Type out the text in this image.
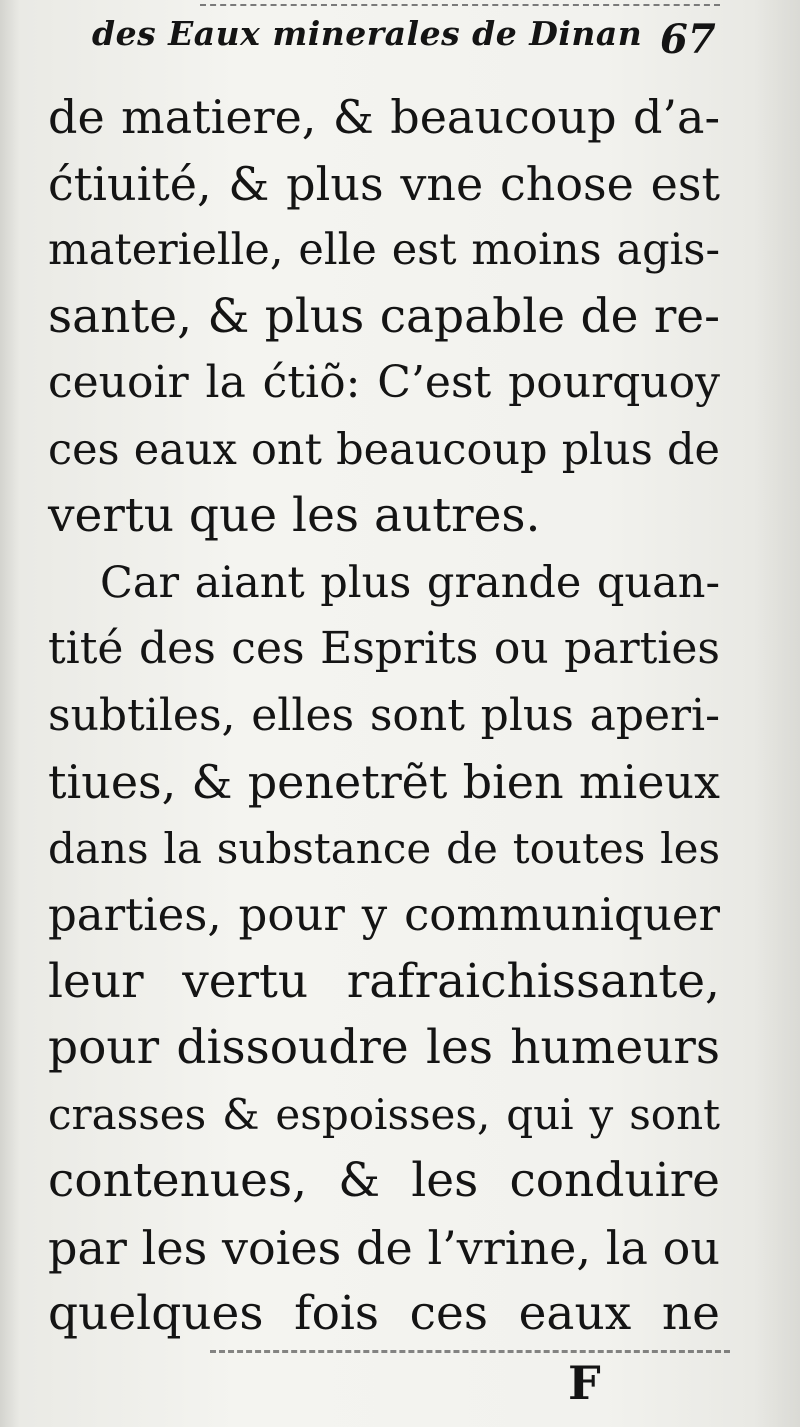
des Eaux minerales de Dinan 67
de matiere, & beaucoup d’a-
ćtiuité, & plus vne chose est
materielle, elle est moins agis-
sante, & plus capable de re-
ceuoir la ćtiõ: C’est pourquoy
ces eaux ont beaucoup plus de
vertu que les autres.
Car aiant plus grande quan-
tité des ces Esprits ou parties
subtiles, elles sont plus aperi-
tiues, & penetrẽt bien mieux
dans la substance de toutes les
parties, pour y communiquer
leur vertu rafraichissante,
pour dissoudre les humeurs
crasses & espoisses, qui y sont
contenues, & les conduire
par les voies de l’vrine, la ou
quelques fois ces eaux ne
F
